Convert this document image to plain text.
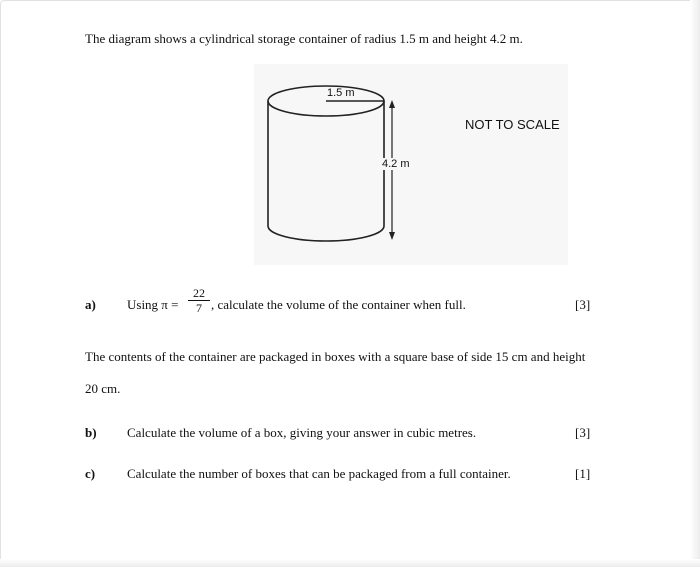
The diagram shows a cylindrical storage container of radius 1.5 m and height 4.2 m.
1.5 m
4.2 m
NOT TO SCALE
a) Using $\pi = \frac{22}{7}$ , calculate the volume of the container when full.	[3]
The contents of the container are packaged in boxes with a square base of side 15 cm and height
20 cm.
b) Calculate the volume of a box, giving your answer in cubic metres.	[3]
c) Calculate the number of boxes that can be packaged from a full container.	[1]
